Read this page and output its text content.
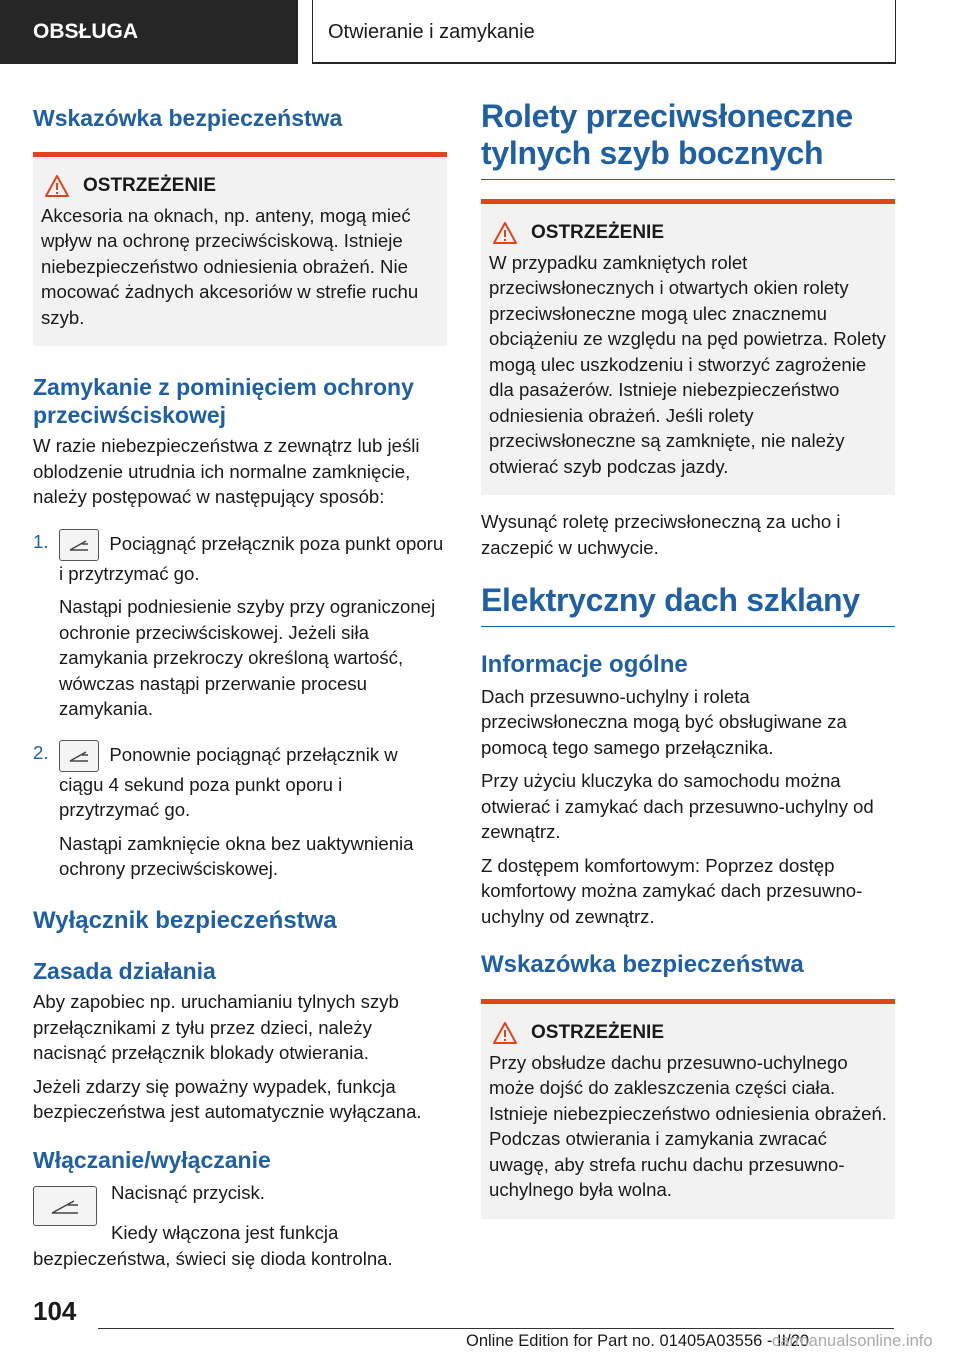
OBSŁUGA	Otwieranie i zamykanie
Wskazówka bezpieczeństwa
OSTRZEŻENIE

Akcesoria na oknach, np. anteny, mogą mieć wpływ na ochronę przeciwściskową. Istnieje niebezpieczeństwo odniesienia obrażeń. Nie mocować żadnych akcesoriów w strefie ruchu szyb.

Zamykanie z pominięciem ochrony przeciwściskowej

W razie niebezpieczeństwa z zewnątrz lub jeśli oblodzenie utrudnia ich normalne zamknięcie, należy postępować w następujący sposób:

1.	Pociągnąć przełącznik poza punkt oporu i przytrzymać go.

Nastąpi podniesienie szyby przy ograniczonej ochronie przeciwściskowej. Jeżeli siła zamykania przekroczy określoną wartość, wówczas nastąpi przerwanie procesu zamykania.

2.	Ponownie pociągnąć przełącznik w ciągu 4 sekund poza punkt oporu i przytrzymać go.

Nastąpi zamknięcie okna bez uaktywnienia ochrony przeciwściskowej.

Wyłącznik bezpieczeństwa
Zasada działania

Aby zapobiec np. uruchamianiu tylnych szyb przełącznikami z tyłu przez dzieci, należy nacisnąć przełącznik blokady otwierania.

Jeżeli zdarzy się poważny wypadek, funkcja bezpieczeństwa jest automatycznie wyłączana.

Włączanie/wyłączanie

Nacisnąć przycisk.

Kiedy włączona jest funkcja bezpieczeństwa, świeci się dioda kontrolna.

Rolety przeciwsłoneczne tylnych szyb bocznych
OSTRZEŻENIE

W przypadku zamkniętych rolet przeciwsłonecznych i otwartych okien rolety przeciwsłoneczne mogą ulec znacznemu obciążeniu ze względu na pęd powietrza. Rolety mogą ulec uszkodzeniu i stworzyć zagrożenie dla pasażerów. Istnieje niebezpieczeństwo odniesienia obrażeń. Jeśli rolety przeciwsłoneczne są zamknięte, nie należy otwierać szyb podczas jazdy.

Wysunąć roletę przeciwsłoneczną za ucho i zaczepić w uchwycie.

Elektryczny dach szklany
Informacje ogólne

Dach przesuwno-uchylny i roleta przeciwsłoneczna mogą być obsługiwane za pomocą tego samego przełącznika.

Przy użyciu kluczyka do samochodu można otwierać i zamykać dach przesuwno-uchylny od zewnątrz.

Z dostępem komfortowym: Poprzez dostęp komfortowy można zamykać dach przesuwno-uchylny od zewnątrz.

Wskazówka bezpieczeństwa
OSTRZEŻENIE

Przy obsłudze dachu przesuwno-uchylnego może dojść do zakleszczenia części ciała. Istnieje niebezpieczeństwo odniesienia obrażeń. Podczas otwierania i zamykania zwracać uwagę, aby strefa ruchu dachu przesuwno-uchylnego była wolna.

104
Online Edition for Part no. 01405A03556 - II/20
carmanualsonline.info
